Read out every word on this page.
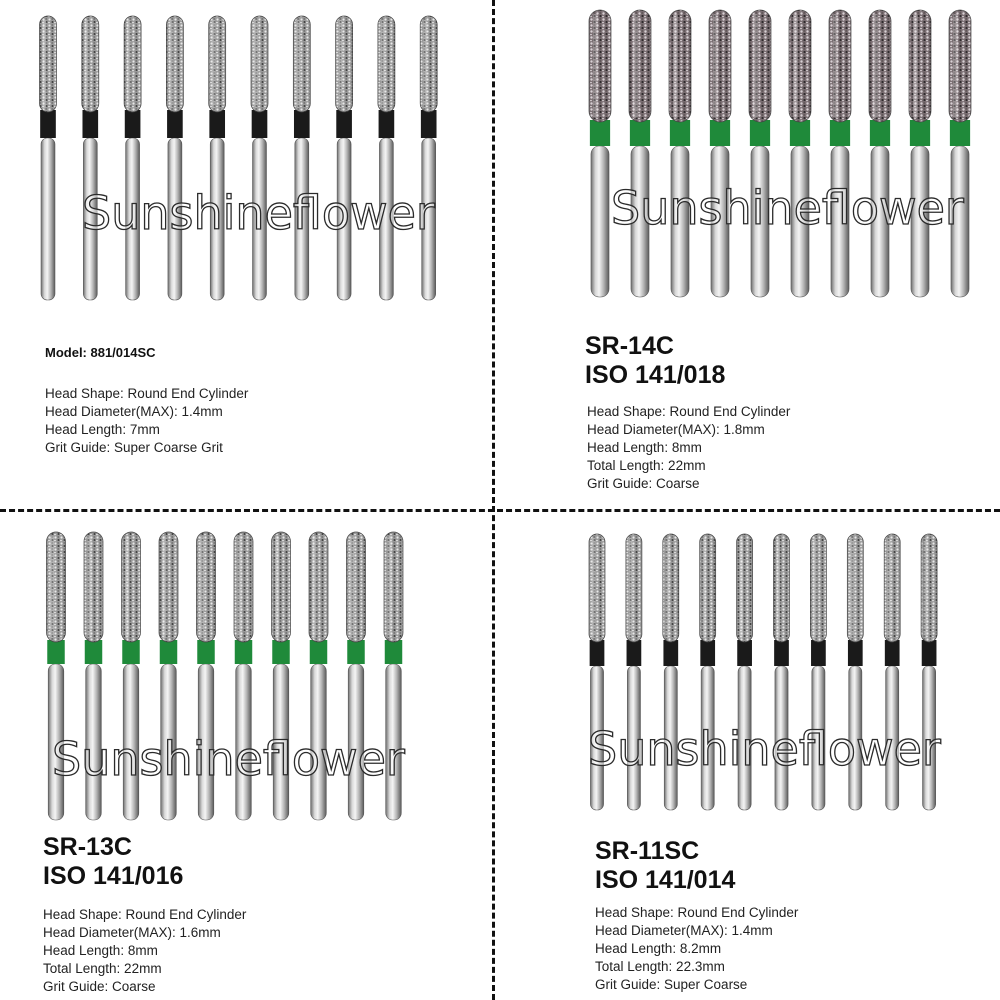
Sunshineflower
Model: 881/014SC
Head Shape: Round End Cylinder
Head Diameter(MAX): 1.4mm
Head Length: 7mm
Grit Guide: Super Coarse Grit
Sunshineflower
SR-14C
ISO 141/018
Head Shape: Round End Cylinder
Head Diameter(MAX): 1.8mm
Head Length: 8mm
Total Length: 22mm
Grit Guide: Coarse
Sunshineflower
SR-13C
ISO 141/016
Head Shape: Round End Cylinder
Head Diameter(MAX): 1.6mm
Head Length: 8mm
Total Length: 22mm
Grit Guide: Coarse
Sunshineflower
SR-11SC
ISO 141/014
Head Shape: Round End Cylinder
Head Diameter(MAX): 1.4mm
Head Length: 8.2mm
Total Length: 22.3mm
Grit Guide: Super Coarse
